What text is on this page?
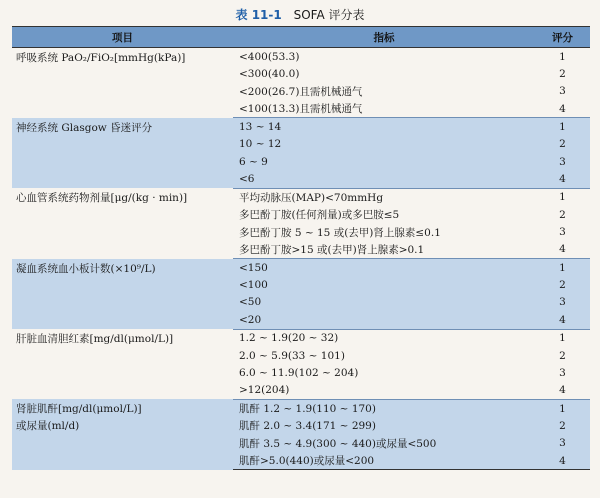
表 11-1 SOFA 评分表
项目	指标	评分
呼吸系统 PaO₂/FiO₂[mmHg(kPa)]	<400(53.3)	1
	<300(40.0)	2
	<200(26.7)且需机械通气	3
	<100(13.3)且需机械通气	4
神经系统 Glasgow 昏迷评分	13 ~ 14	1
	10 ~ 12	2
	6 ~ 9	3
	<6	4
心血管系统药物剂量[μg/(kg · min)]	平均动脉压(MAP)<70mmHg	1
	多巴酚丁胺(任何剂量)或多巴胺≤5	2
	多巴酚丁胺 5 ~ 15 或(去甲)肾上腺素≤0.1	3
	多巴酚丁胺>15 或(去甲)肾上腺素>0.1	4
凝血系统血小板计数(×10⁹/L)	<150	1
	<100	2
	<50	3
	<20	4
肝脏血清胆红素[mg/dl(μmol/L)]	1.2 ~ 1.9(20 ~ 32)	1
	2.0 ~ 5.9(33 ~ 101)	2
	6.0 ~ 11.9(102 ~ 204)	3
	>12(204)	4
肾脏肌酐[mg/dl(μmol/L)]
或尿量(ml/d)	肌酐 1.2 ~ 1.9(110 ~ 170)	1
	肌酐 2.0 ~ 3.4(171 ~ 299)	2
	肌酐 3.5 ~ 4.9(300 ~ 440)或尿量<500	3
	肌酐>5.0(440)或尿量<200	4
